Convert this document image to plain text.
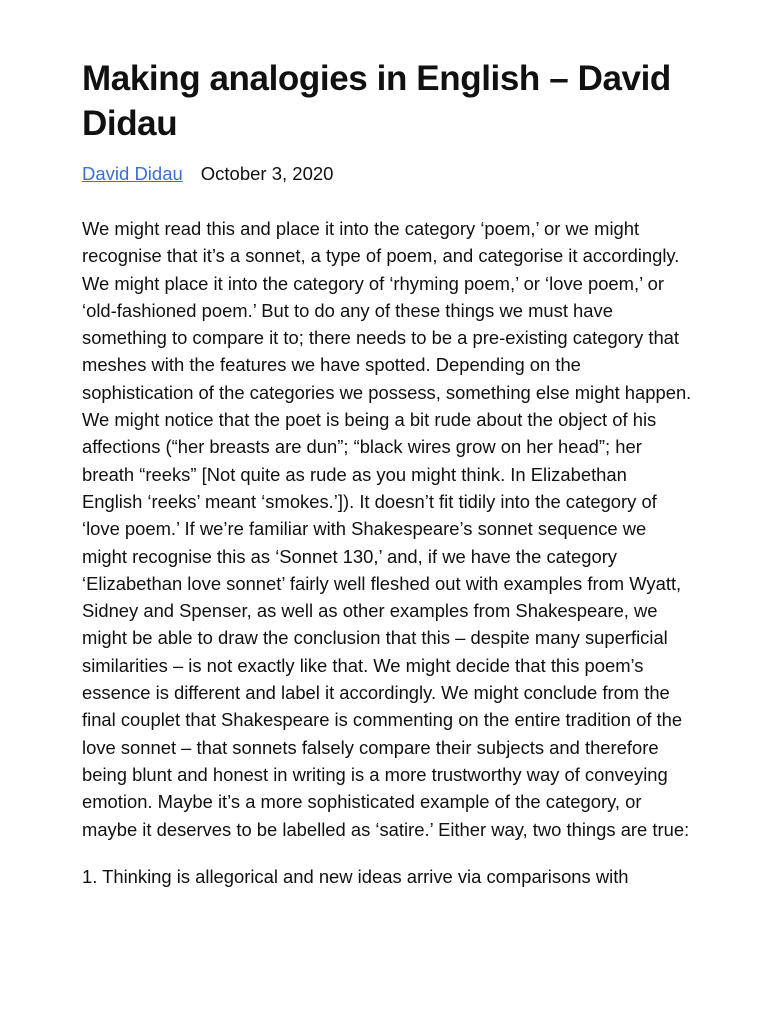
Making analogies in English – David Didau
David Didau October 3, 2020

We might read this and place it into the category ‘poem,’ or we might recognise that it’s a sonnet, a type of poem, and categorise it accordingly. We might place it into the category of ‘rhyming poem,’ or ‘love poem,’ or ‘old-fashioned poem.’ But to do any of these things we must have something to compare it to; there needs to be a pre-existing category that meshes with the features we have spotted. Depending on the sophistication of the categories we possess, something else might happen. We might notice that the poet is being a bit rude about the object of his affections (“her breasts are dun”; “black wires grow on her head”; her breath “reeks” [Not quite as rude as you might think. In Elizabethan English ‘reeks’ meant ‘smokes.’]). It doesn’t fit tidily into the category of ‘love poem.’ If we’re familiar with Shakespeare’s sonnet sequence we might recognise this as ‘Sonnet 130,’ and, if we have the category ‘Elizabethan love sonnet’ fairly well fleshed out with examples from Wyatt, Sidney and Spenser, as well as other examples from Shakespeare, we might be able to draw the conclusion that this – despite many superficial similarities – is not exactly like that. We might decide that this poem’s essence is different and label it accordingly. We might conclude from the final couplet that Shakespeare is commenting on the entire tradition of the love sonnet – that sonnets falsely compare their subjects and therefore being blunt and honest in writing is a more trustworthy way of conveying emotion. Maybe it’s a more sophisticated example of the category, or maybe it deserves to be labelled as ‘satire.’ Either way, two things are true:

1. Thinking is allegorical and new ideas arrive via comparisons with
